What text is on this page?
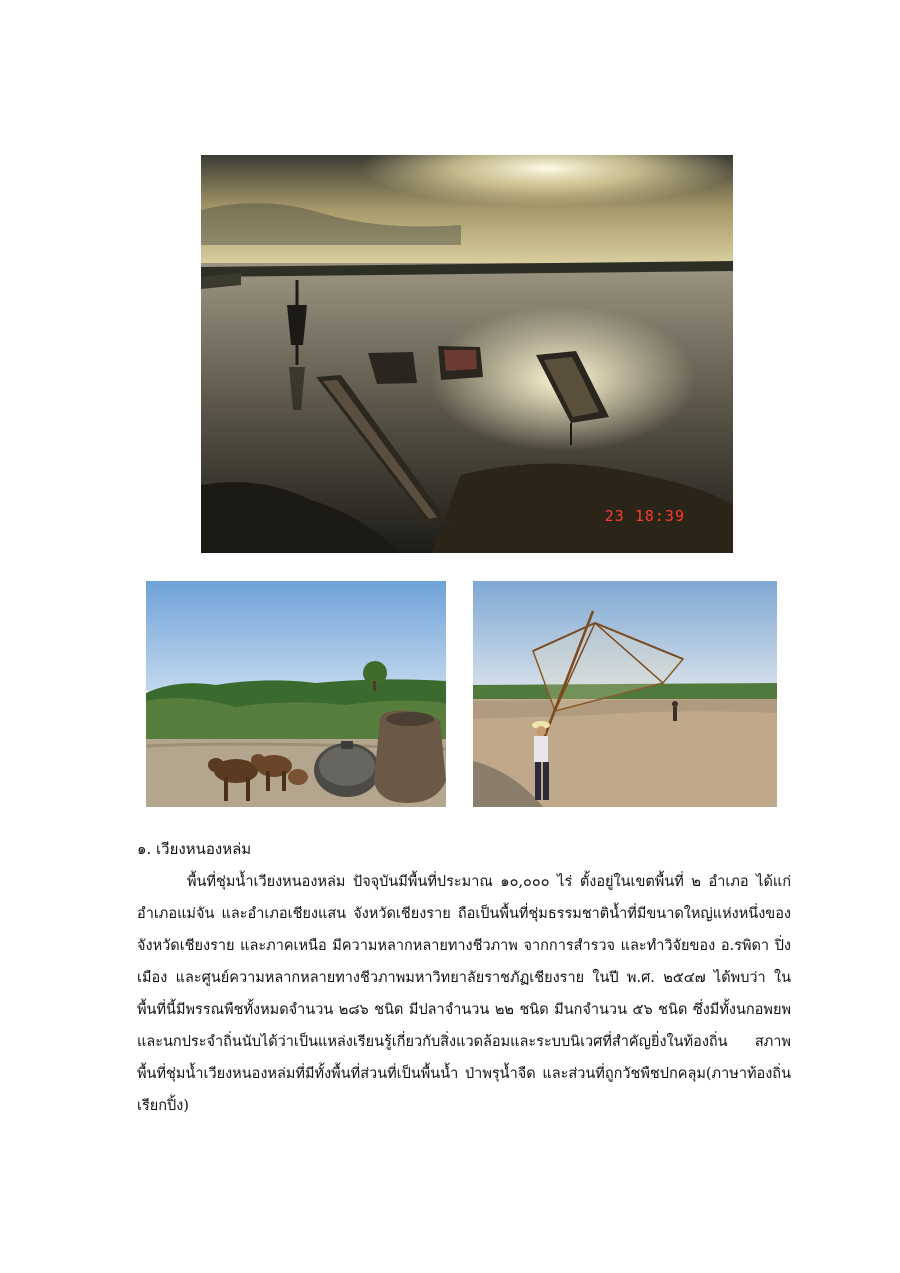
23 18:39
๑. เวียงหนองหล่ม
พื้นที่ชุ่มน้ำเวียงหนองหล่ม ปัจจุบันมีพื้นที่ประมาณ ๑๐,๐๐๐ ไร่ ตั้งอยู่ในเขตพื้นที่ ๒ อำเภอ ได้แก่ อำเภอแม่จัน และอำเภอเชียงแสน จังหวัดเชียงราย ถือเป็นพื้นที่ชุ่มธรรมชาติน้ำที่มีขนาดใหญ่แห่งหนึ่งของจังหวัดเชียงราย และภาคเหนือ มีความหลากหลายทางชีวภาพ จากการสำรวจ และทำวิจัยของ อ.รพิดา ปิ่งเมือง และศูนย์ความหลากหลายทางชีวภาพมหาวิทยาลัยราชภัฏเชียงราย ในปี พ.ศ. ๒๕๔๗ ได้พบว่า ในพื้นที่นี้มีพรรณพืชทั้งหมดจำนวน ๒๘๖ ชนิด มีปลาจำนวน ๒๒ ชนิด มีนกจำนวน ๕๖ ชนิด ซึ่งมีทั้งนกอพยพ และนกประจำถิ่นนับได้ว่าเป็นแหล่งเรียนรู้เกี่ยวกับสิ่งแวดล้อมและระบบนิเวศที่สำคัญยิ่งในท้องถิ่น สภาพพื้นที่ชุ่มน้ำเวียงหนองหล่มที่มีทั้งพื้นที่ส่วนที่เป็นพื้นน้ำ ป่าพรุน้ำจืด และส่วนที่ถูกวัชพืชปกคลุม(ภาษาท้องถิ่นเรียกปิ้ง)
